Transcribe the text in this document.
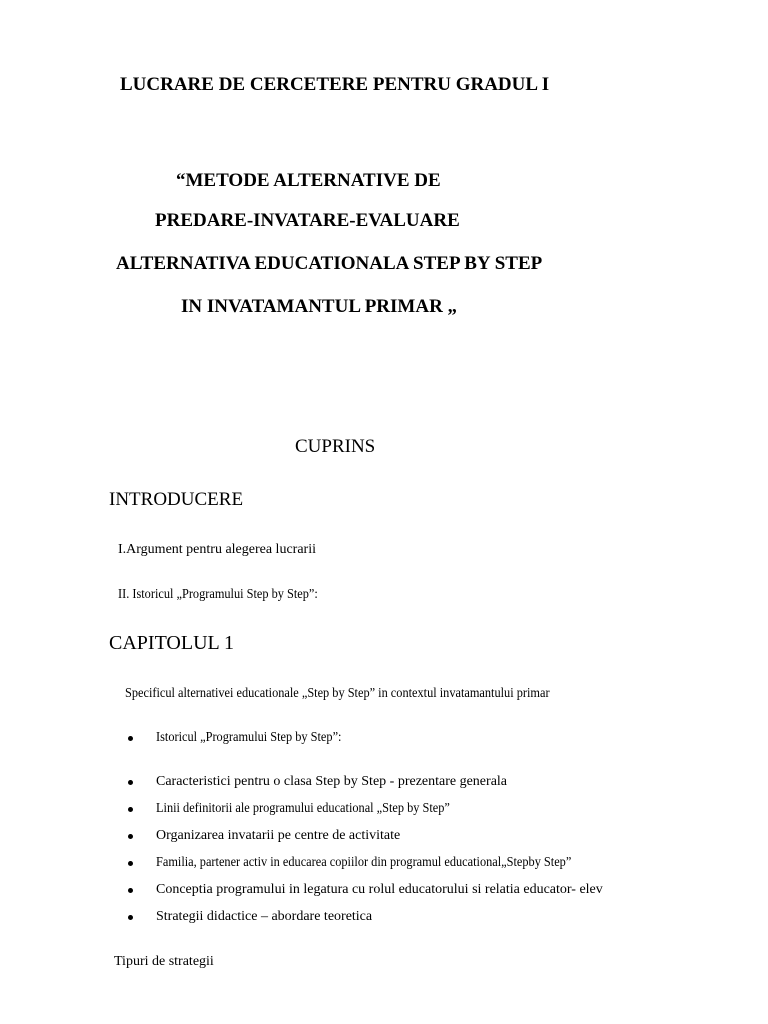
LUCRARE DE CERCETERE PENTRU GRADUL I
“METODE ALTERNATIVE DE
PREDARE-INVATARE-EVALUARE
ALTERNATIVA EDUCATIONALA STEP BY STEP
IN INVATAMANTUL PRIMAR „
CUPRINS
INTRODUCERE
I.Argument pentru alegerea lucrarii
II. Istoricul „Programului Step by Step”:
CAPITOLUL 1
Specificul alternativei educationale „Step by Step” in contextul invatamantului primar
Istoricul „Programului Step by Step”:
Caracteristici pentru o clasa Step by Step - prezentare generala
Linii definitorii ale programului educational „Step by Step”
Organizarea invatarii pe centre de activitate
Familia, partener activ in educarea copiilor din programul educational„Stepby Step”
Conceptia programului in legatura cu rolul educatorului si relatia educator- elev
Strategii didactice – abordare teoretica
Tipuri de strategii
